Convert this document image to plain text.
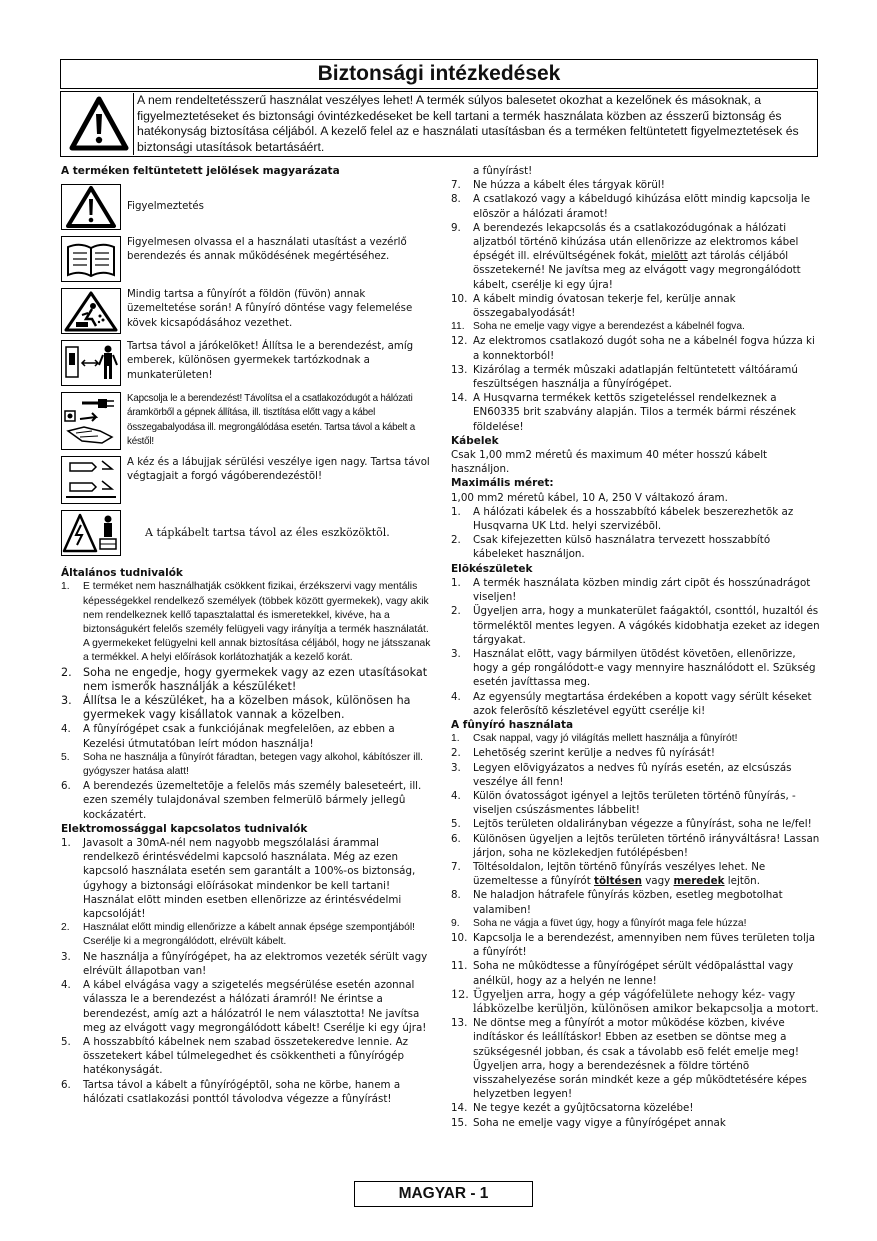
Biztonsági intézkedések
A nem rendeltetésszerű használat veszélyes lehet! A termék súlyos balesetet okozhat a kezelőnek és másoknak, a figyelmeztetéseket és biztonsági óvintézkedéseket be kell tartani a termék használata közben az ésszerű biztonság és hatékonyság biztosítása céljából. A kezelő felel az e használati utasításban és a terméken feltüntetett figyelmeztetések és biztonsági utasítások betartásáért.
A terméken feltüntetett jelölések magyarázata
Figyelmeztetés
Figyelmesen olvassa el a használati utasítást a vezérlő berendezés és annak működésének megértéséhez.
Mindig tartsa a fûnyírót a földön (füvön) annak üzemeltetése során! A fûnyíró döntése vagy felemelése kövek kicsapódásához vezethet.
Tartsa távol a járókelõket! Állítsa le a berendezést, amíg emberek, különösen gyermekek tartózkodnak a munkaterületen!
Kapcsolja le a berendezést! Távolítsa el a csatlakozódugót a hálózati áramkörből a gépnek állítása, ill. tisztítása előtt vagy a kábel összegabalyodása ill. megrongálódása esetén. Tartsa távol a kábelt a késtől!
A kéz és a lábujjak sérülési veszélye igen nagy. Tartsa távol végtagjait a forgó vágóberendezéstõl!
A tápkábelt tartsa távol az éles eszközöktõl.
Általános tudnivalók
1. E terméket nem használhatják csökkent fizikai, érzékszervi vagy mentális képességekkel rendelkező személyek (többek között gyermekek), vagy akik nem rendelkeznek kellő tapasztalattal és ismeretekkel, kivéve, ha a biztonságukért felelős személy felügyeli vagy irányítja a termék használatát. A gyermekeket felügyelni kell annak biztosítása céljából, hogy ne játsszanak a termékkel. A helyi előírások korlátozhatják a kezelő korát.
2. Soha ne engedje, hogy gyermekek vagy az ezen utasításokat nem ismerők használják a készüléket!
3. Állítsa le a készüléket, ha a közelben mások, különösen ha gyermekek vagy kisállatok vannak a közelben.
4. A fûnyírógépet csak a funkciójának megfelelõen, az ebben a Kezelési útmutatóban leírt módon használja!
5. Soha ne használja a fûnyírót fáradtan, betegen vagy alkohol, kábítószer ill. gyógyszer hatása alatt!
6. A berendezés üzemeltetõje a felelõs más személy baleseteért, ill. ezen személy tulajdonával szemben felmerülõ bármely jellegû kockázatért.
Elektromossággal kapcsolatos tudnivalók
1. Javasolt a 30mA-nél nem nagyobb megszólalási árammal rendelkezõ érintésvédelmi kapcsoló használata. Még az ezen kapcsoló használata esetén sem garantált a 100%-os biztonság, úgyhogy a biztonsági elõírásokat mindenkor be kell tartani! Használat elõtt minden esetben ellenõrizze az érintésvédelmi kapcsolóját!
2. Használat előtt mindig ellenőrizze a kábelt annak épsége szempontjából! Cserélje ki a megrongálódott, elrévült kábelt.
3. Ne használja a fûnyírógépet, ha az elektromos vezeték sérült vagy elrévült állapotban van!
4. A kábel elvágása vagy a szigetelés megsérülése esetén azonnal válassza le a berendezést a hálózati áramról! Ne érintse a berendezést, amíg azt a hálózatról le nem választotta! Ne javítsa meg az elvágott vagy megrongálódott kábelt! Cserélje ki egy újra!
5. A hosszabbító kábelnek nem szabad összetekeredve lennie. Az összetekert kábel túlmelegedhet és csökkentheti a fûnyírógép hatékonyságát.
6. Tartsa távol a kábelt a fûnyírógéptõl, soha ne körbe, hanem a hálózati csatlakozási ponttól távolodva végezze a fûnyírást!
a fûnyírást!
7. Ne húzza a kábelt éles tárgyak körül!
8. A csatlakozó vagy a kábeldugó kihúzása elõtt mindig kapcsolja le elõször a hálózati áramot!
9. A berendezés lekapcsolás és a csatlakozódugónak a hálózati aljzatból történõ kihúzása után ellenõrizze az elektromos kábel épségét ill. elrévültségének fokát, mielõtt azt tárolás céljából összetekerné! Ne javítsa meg az elvágott vagy megrongálódott kábelt, cserélje ki egy újra!
10. A kábelt mindig óvatosan tekerje fel, kerülje annak összegabalyodását!
11. Soha ne emelje vagy vigye a berendezést a kábelnél fogva.
12. Az elektromos csatlakozó dugót soha ne a kábelnél fogva húzza ki a konnektorból!
13. Kizárólag a termék mûszaki adatlapján feltüntetett váltóáramú feszültségen használja a fûnyírógépet.
14. A Husqvarna termékek kettõs szigeteléssel rendelkeznek a EN60335 brit szabvány alapján. Tilos a termék bármi részének földelése!
Kábelek
Csak 1,00 mm2 méretû és maximum 40 méter hosszú kábelt használjon.
Maximális méret:
1,00 mm2 méretû kábel, 10 A, 250 V váltakozó áram.
1. A hálózati kábelek és a hosszabbító kábelek beszerezhetõk az Husqvarna UK Ltd. helyi szervizébõl.
2. Csak kifejezetten külsõ használatra tervezett hosszabbító kábeleket használjon.
Elõkészületek
1. A termék használata közben mindig zárt cipõt és hosszúnadrágot viseljen!
2. Ügyeljen arra, hogy a munkaterület faágaktól, csonttól, huzaltól és törmeléktõl mentes legyen. A vágókés kidobhatja ezeket az idegen tárgyakat.
3. Használat elõtt, vagy bármilyen ütõdést követõen, ellenõrizze, hogy a gép rongálódott-e vagy mennyire használódott el. Szükség esetén javíttassa meg.
4. Az egyensúly megtartása érdekében a kopott vagy sérült késeket azok felerõsítõ készletével együtt cserélje ki!
A fûnyíró használata
1. Csak nappal, vagy jó világítás mellett használja a fûnyírót!
2. Lehetõség szerint kerülje a nedves fû nyírását!
3. Legyen elõvigyázatos a nedves fû nyírás esetén, az elcsúszás veszélye áll fenn!
4. Külön óvatosságot igényel a lejtõs területen történõ fûnyírás, - viseljen csúszásmentes lábbelit!
5. Lejtõs területen oldalirányban végezze a fûnyírást, soha ne le/fel!
6. Különösen ügyeljen a lejtõs területen történõ irányváltásra! Lassan járjon, soha ne közlekedjen futólépésben!
7. Töltésoldalon, lejtõn történõ fûnyírás veszélyes lehet. Ne üzemeltesse a fûnyírót töltésen vagy meredek lejtõn.
8. Ne haladjon hátrafele fûnyírás közben, esetleg megbotolhat valamiben!
9. Soha ne vágja a füvet úgy, hogy a fûnyírót maga fele húzza!
10. Kapcsolja le a berendezést, amennyiben nem füves területen tolja a fûnyírót!
11. Soha ne mûködtesse a fûnyírógépet sérült védõpalásttal vagy anélkül, hogy az a helyén ne lenne!
12. Ügyeljen arra, hogy a gép vágófelülete nehogy kéz- vagy lábközelbe kerüljön, különösen amikor bekapcsolja a motort.
13. Ne döntse meg a fûnyírót a motor mûködése közben, kivéve indításkor és leállításkor! Ebben az esetben se döntse meg a szükségesnél jobban, és csak a távolabb esõ felét emelje meg! Ügyeljen arra, hogy a berendezésnek a földre történõ visszahelyezése során mindkét keze a gép mûködtetésére képes helyzetben legyen!
14. Ne tegye kezét a gyûjtõcsatorna közelébe!
15. Soha ne emelje vagy vigye a fûnyírógépet annak
MAGYAR - 1
